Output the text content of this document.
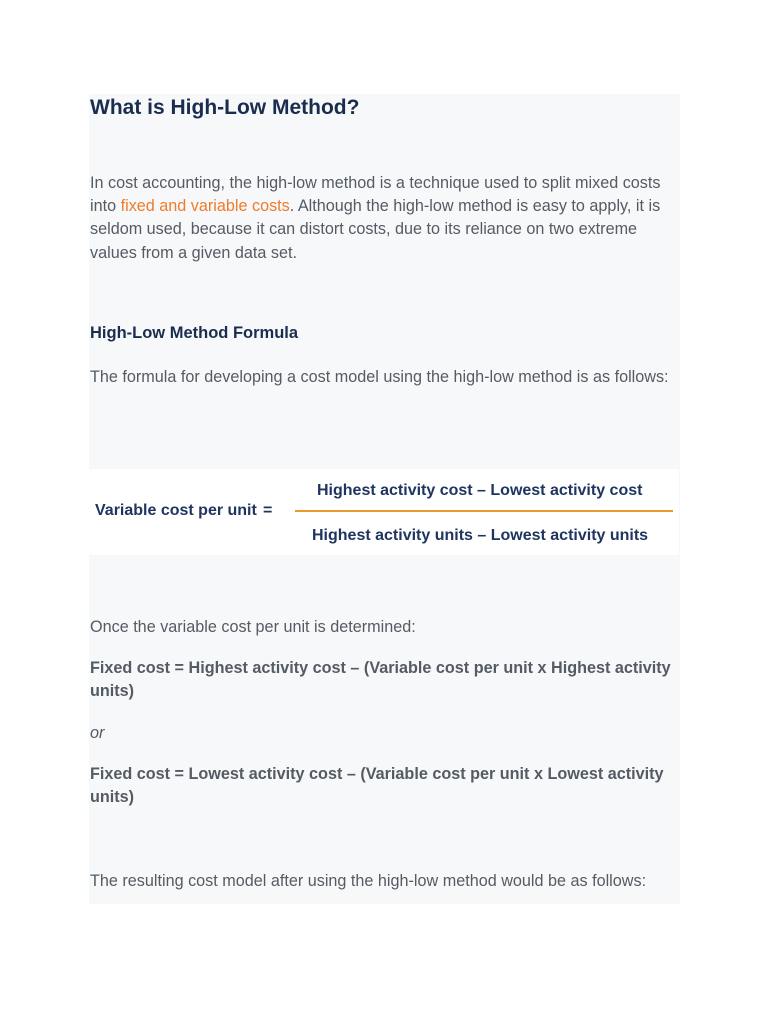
What is High-Low Method?

In cost accounting, the high-low method is a technique used to split mixed costs into fixed and variable costs. Although the high-low method is easy to apply, it is seldom used, because it can distort costs, due to its reliance on two extreme values from a given data set.

High-Low Method Formula

The formula for developing a cost model using the high-low method is as follows:

Variable cost per unit =
Highest activity cost – Lowest activity cost
Highest activity units – Lowest activity units

Once the variable cost per unit is determined:

Fixed cost = Highest activity cost – (Variable cost per unit x Highest activity units)

or

Fixed cost = Lowest activity cost – (Variable cost per unit x Lowest activity units)

The resulting cost model after using the high-low method would be as follows:
